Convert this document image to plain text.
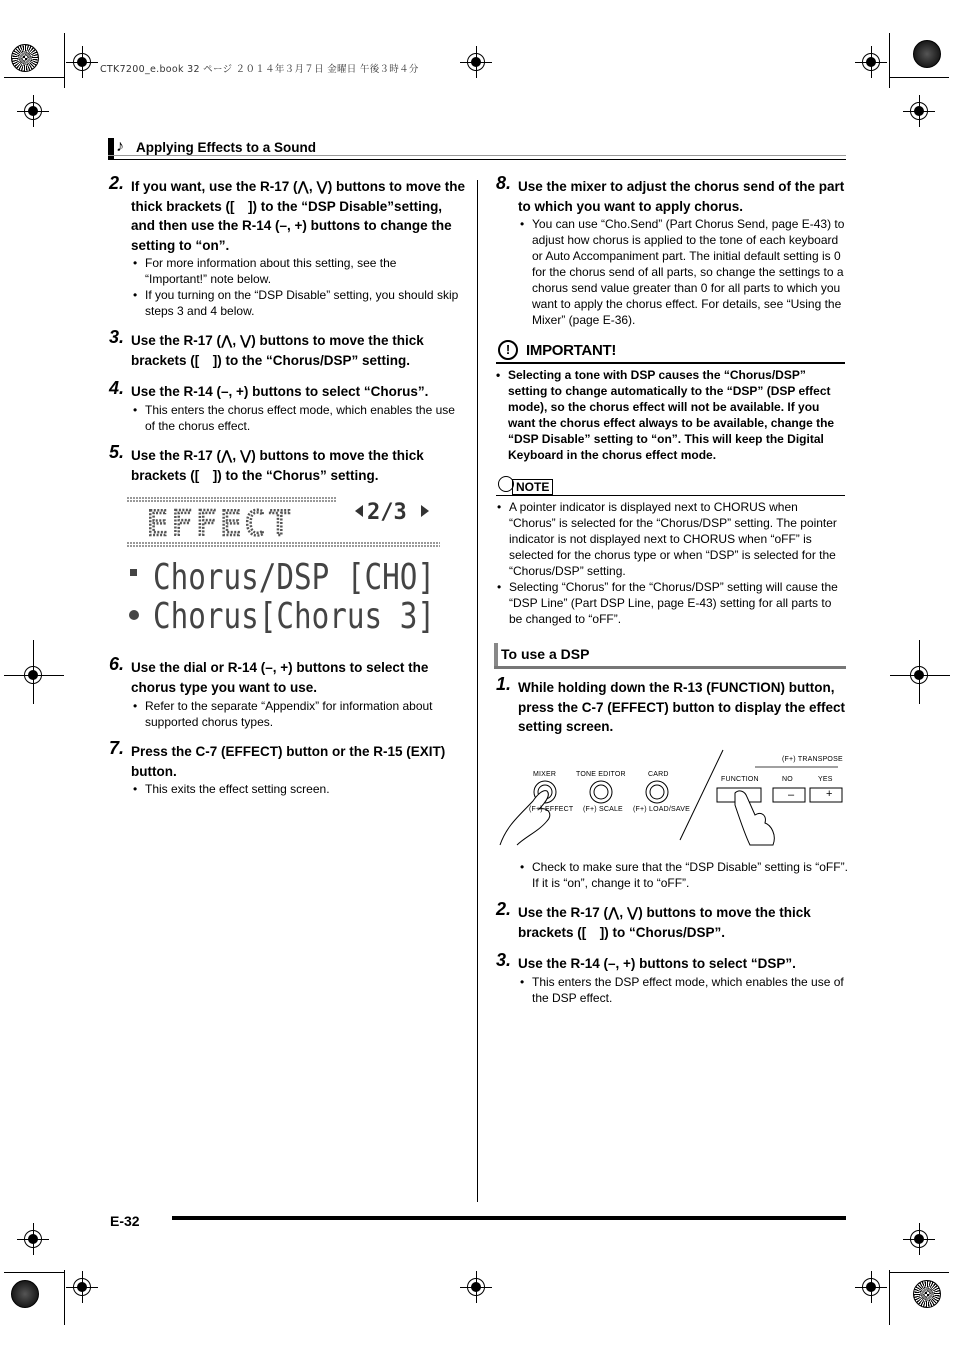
CTK7200_e.book 32 ページ ２０１４年３月７日 金曜日 午後３時４分
♪ Applying Effects to a Sound
2. If you want, use the R-17 (⋀, ⋁) buttons to move the thick brackets ([　]) to the “DSP Disable”setting, and then use the R-14 (–, +) buttons to change the setting to “on”.
• For more information about this setting, see the “Important!” note below.
• If you turning on the “DSP Disable” setting, you should skip steps 3 and 4 below.
3. Use the R-17 (⋀, ⋁) buttons to move the thick brackets ([　]) to the “Chorus/DSP” setting.
4. Use the R-14 (–, +) buttons to select “Chorus”.
• This enters the chorus effect mode, which enables the use of the chorus effect.
5. Use the R-17 (⋀, ⋁) buttons to move the thick brackets ([　]) to the “Chorus” setting.
EFFECT	2/3
Chorus/DSP [CHO]
Chorus[Chorus 3]
6. Use the dial or R-14 (–, +) buttons to select the chorus type you want to use.
• Refer to the separate “Appendix” for information about supported chorus types.
7. Press the C-7 (EFFECT) button or the R-15 (EXIT) button.
• This exits the effect setting screen.
8. Use the mixer to adjust the chorus send of the part to which you want to apply chorus.
• You can use “Cho.Send” (Part Chorus Send, page E-43) to adjust how chorus is applied to the tone of each keyboard or Auto Accompaniment part. The initial default setting is 0 for the chorus send of all parts, so change the settings to a chorus send value greater than 0 for all parts to which you want to apply the chorus effect. For details, see “Using the Mixer” (page E-36).
!	IMPORTANT!
• Selecting a tone with DSP causes the “Chorus/DSP” setting to change automatically to the “DSP” (DSP effect mode), so the chorus effect will not be available. If you want the chorus effect always to be available, change the “DSP Disable” setting to “on”. This will keep the Digital Keyboard in the chorus effect mode.
NOTE
• A pointer indicator is displayed next to CHORUS when “Chorus” is selected for the “Chorus/DSP” setting. The pointer indicator is not displayed next to CHORUS when “oFF” is selected for the chorus type or when “DSP” is selected for the “Chorus/DSP” setting.
• Selecting “Chorus” for the “Chorus/DSP” setting will cause the “DSP Line” (Part DSP Line, page E-43) setting for all parts to be changed to “oFF”.
To use a DSP
1. While holding down the R-13 (FUNCTION) button, press the C-7 (EFFECT) button to display the effect setting screen.
MIXER	TONE EDITOR	CARD
(F+) EFFECT (F+) SCALE (F+) LOAD/SAVE
(F+) TRANSPOSE
FUNCTION	NO	YES
–	+
• Check to make sure that the “DSP Disable” setting is “oFF”. If it is “on”, change it to “oFF”.
2. Use the R-17 (⋀, ⋁) buttons to move the thick brackets ([　]) to “Chorus/DSP”.
3. Use the R-14 (–, +) buttons to select “DSP”.
• This enters the DSP effect mode, which enables the use of the DSP effect.
E-32
